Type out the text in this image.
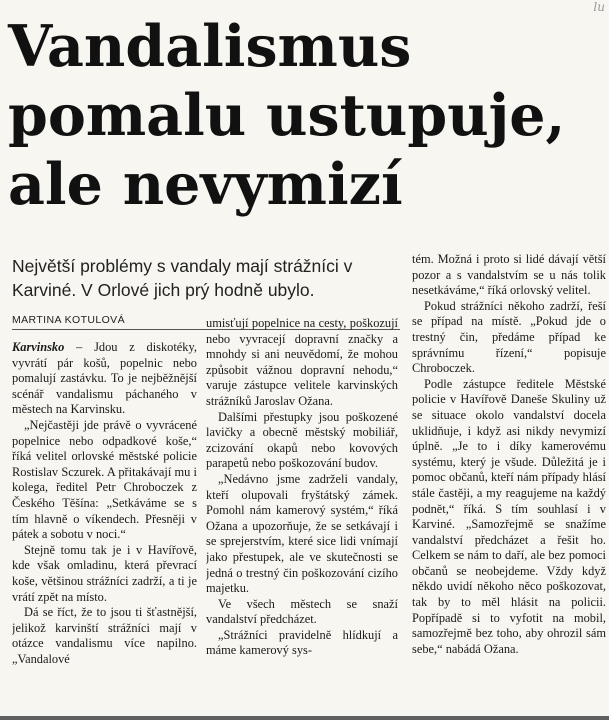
lu
Vandalismus
pomalu ustupuje,
ale nevymizí

Největší problémy s vandaly mají strážníci v Karviné. V Orlové jich prý hodně ubylo.

MARTINA KOTULOVÁ

Karvinsko – Jdou z diskotéky, vyvrátí pár košů, popelnic nebo pomalují zastávku. To je nejběžnější scénář vandalismu páchaného v městech na Karvinsku.

„Nejčastěji jde právě o vyvrácené popelnice nebo odpadkové koše,“ říká velitel orlovské městské policie Rostislav Sczurek. A přitakávají mu i kolega, ředitel Petr Chroboczek z Českého Těšína: „Setkáváme se s tím hlavně o víkendech. Přesněji v pátek a sobotu v noci.“

Stejně tomu tak je i v Havířově, kde však omladinu, která převrací koše, většinou strážníci zadrží, a ti je vrátí zpět na místo.

Dá se říct, že to jsou ti šťastnější, jelikož karvinští strážníci mají v otázce vandalismu více napilno. „Vandalové

umisťují popelnice na cesty, poškozují nebo vyvracejí dopravní značky a mnohdy si ani neuvědomí, že mohou způsobit vážnou dopravní nehodu,“ varuje zástupce velitele karvinských strážníků Jaroslav Ožana.

Dalšími přestupky jsou poškozené lavičky a obecně městský mobiliář, zcizování okapů nebo kovových parapetů nebo poškozování budov.

„Nedávno jsme zadrželi vandaly, kteří olupovali fryštátský zámek. Pomohl nám kamerový systém,“ říká Ožana a upozorňuje, že se setkávají i se sprejerstvím, které sice lidi vnímají jako přestupek, ale ve skutečnosti se jedná o trestný čin poškozování cizího majetku.

Ve všech městech se snaží vandalství předcházet.

„Strážníci pravidelně hlídkují a máme kamerový sys-

tém. Možná i proto si lidé dávají větší pozor a s vandalstvím se u nás tolik nesetkáváme,“ říká orlovský velitel.

Pokud strážníci někoho zadrží, řeší se případ na místě. „Pokud jde o trestný čin, předáme případ ke správnímu řízení,“ popisuje Chroboczek.

Podle zástupce ředitele Městské policie v Havířově Daneše Skuliny už se situace okolo vandalství docela uklidňuje, i když asi nikdy nevymizí úplně. „Je to i díky kamerovému systému, který je všude. Důležitá je i pomoc občanů, kteří nám případy hlásí stále častěji, a my reagujeme na každý podnět,“ říká. S tím souhlasí i v Karviné. „Samozřejmě se snažíme vandalství předcházet a řešit ho. Celkem se nám to daří, ale bez pomoci občanů se neobejdeme. Vždy když někdo uvidí někoho něco poškozovat, tak by to měl hlásit na policii. Popřípadě si to vyfotit na mobil, samozřejmě bez toho, aby ohrozil sám sebe,“ nabádá Ožana.
